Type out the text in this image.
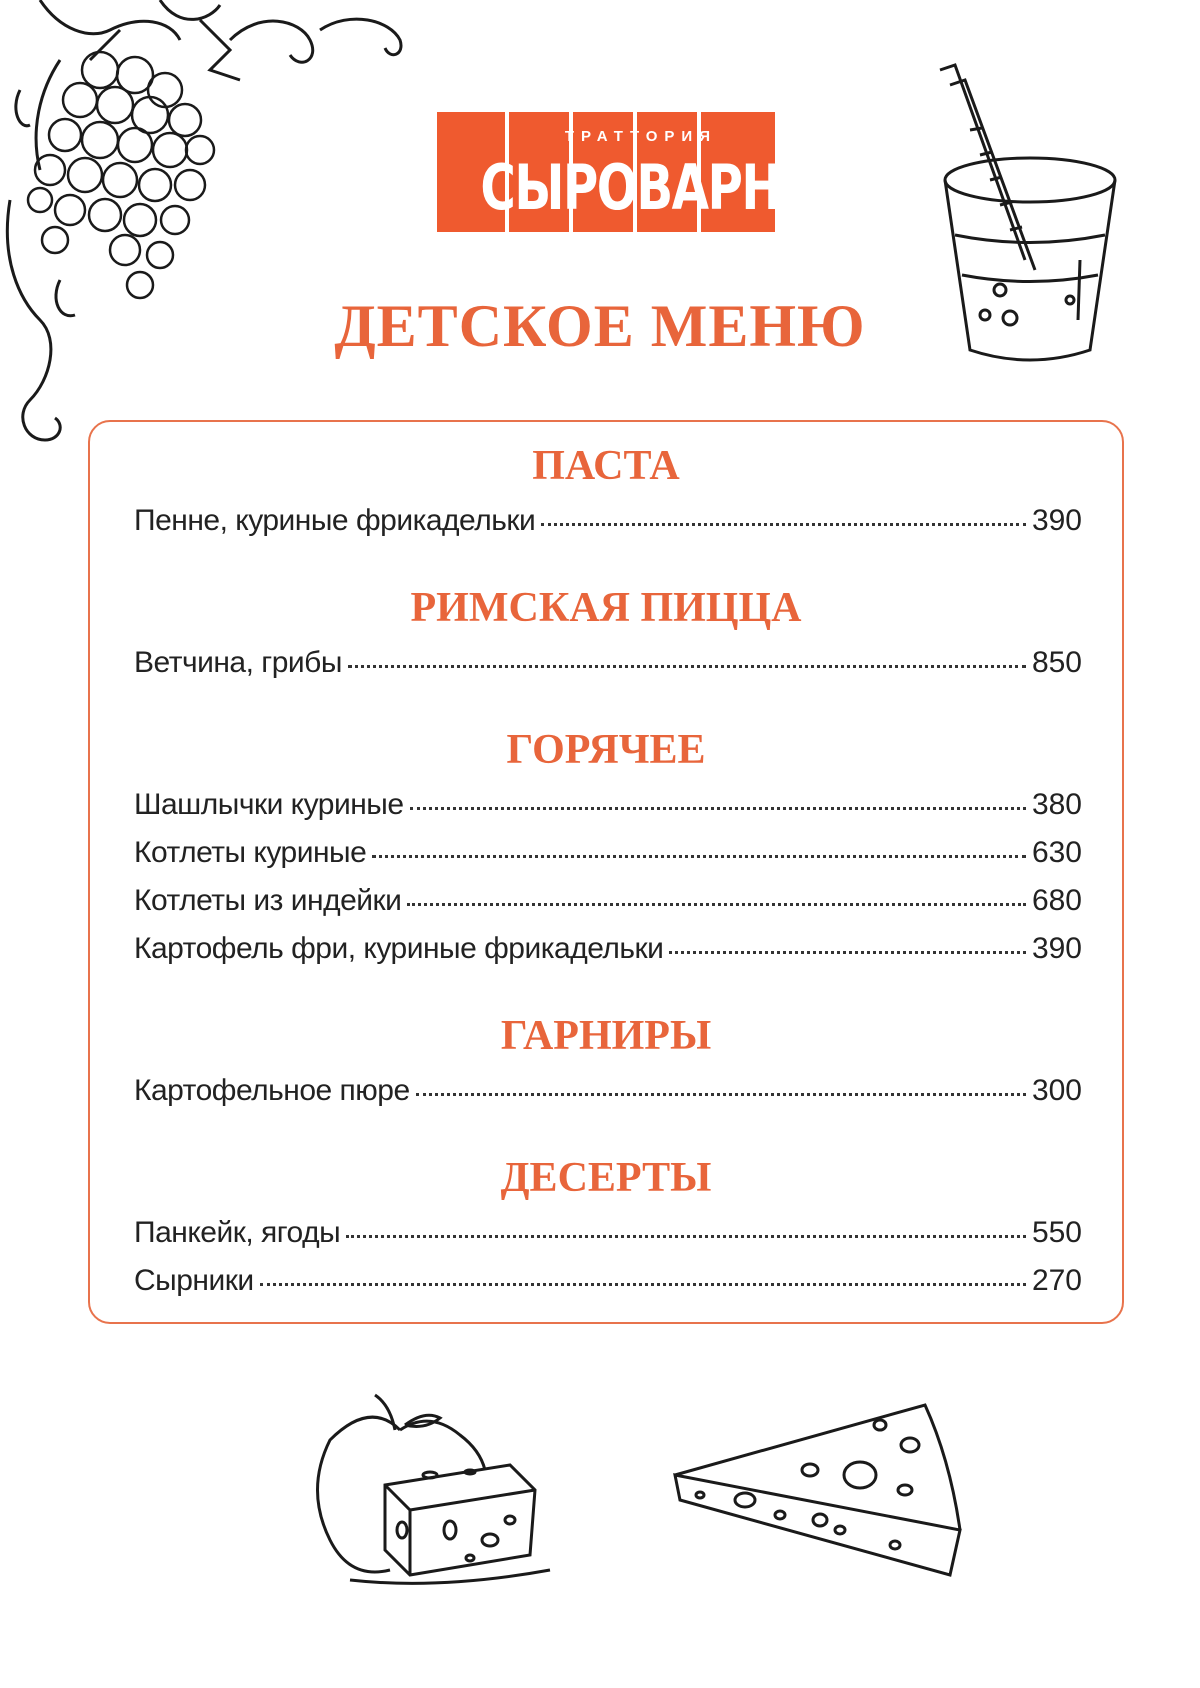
ТРАТТОРИЯ
СЫРОВАРНЯ
ДЕТСКОЕ МЕНЮ
ПАСТА
Пенне, куриные фрикадельки	390
РИМСКАЯ ПИЦЦА
Ветчина, грибы	850
ГОРЯЧЕЕ
Шашлычки куриные	380
Котлеты куриные	630
Котлеты из индейки	680
Картофель фри, куриные фрикадельки	390
ГАРНИРЫ
Картофельное пюре	300
ДЕСЕРТЫ
Панкейк, ягоды	550
Сырники	270
